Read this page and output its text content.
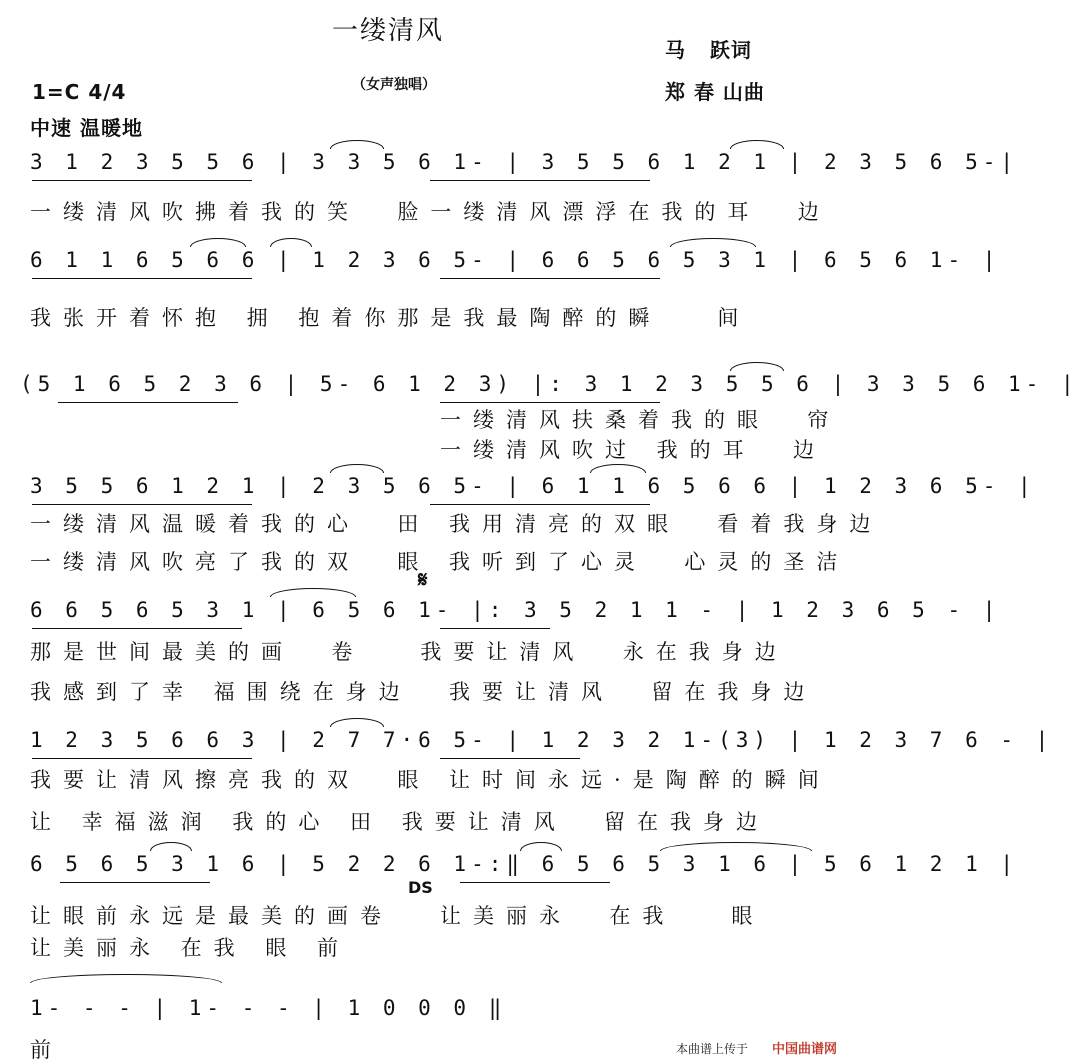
一缕清风
马   跃词
郑 春 山曲
1=C 4/4	（女声独唱）
中速 温暖地
3 1 2 3 5 5 6 | 3 3 5 6 1- | 3 5 5 6 1 2 1 | 2 3 5 6 5-|
一缕清风吹拂着我的笑  脸一缕清风漂浮在我的耳  边
6 1 1 6 5 6 6 | 1 2 3 6 5- | 6 6 5 6 5 3 1 | 6 5 6 1- |
我张开着怀抱 拥 抱着你那是我最陶醉的瞬   间
(5 1 6 5 2 3 6 | 5- 6 1 2 3) |: 3 1 2 3 5 5 6 | 3 3 5 6 1- |
一缕清风扶桑着我的眼  帘
一缕清风吹过 我的耳  边
3 5 5 6 1 2 1 | 2 3 5 6 5- | 6 1 1 6 5 6 6 | 1 2 3 6 5- |
一缕清风温暖着我的心  田 我用清亮的双眼  看着我身边
一缕清风吹亮了我的双  眼 我听到了心灵  心灵的圣洁
𝄋
6 6 5 6 5 3 1 | 6 5 6 1- |: 3 5 2 1 1 - | 1 2 3 6 5 - |
那是世间最美的画  卷   我要让清风  永在我身边
我感到了幸 福围绕在身边  我要让清风  留在我身边
1 2 3 5 6 6 3 | 2 7 7·6 5- | 1 2 3 2 1-(3) | 1 2 3 7 6 - |
我要让清风擦亮我的双  眼 让时间永远·是陶醉的瞬间
让 幸福滋润 我的心 田 我要让清风  留在我身边
6 5 6 5 3 1 6 | 5 2 2 6 1-:‖ 6 5 6 5 3 1 6 | 5 6 1 2 1 |
DS
让眼前永远是最美的画卷 让美丽永  在我   眼
让美丽永 在我 眼 前
1- - - | 1- - - | 1 0 0 0 ‖
前	本曲谱上传于 中国曲谱网
